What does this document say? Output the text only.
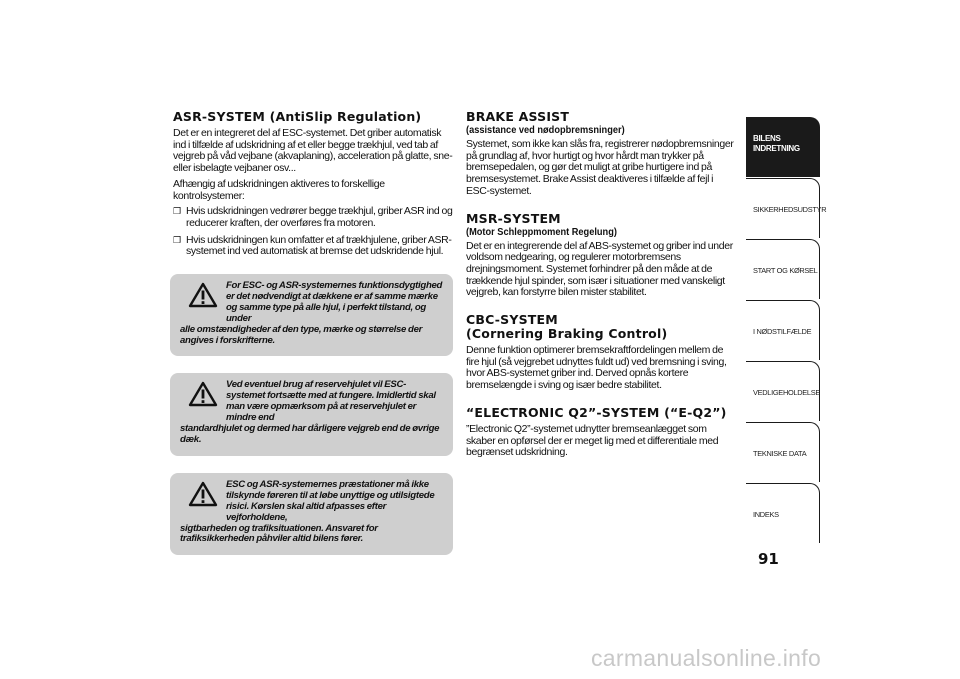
ASR-SYSTEM (AntiSlip Regulation)

Det er en integreret del af ESC-systemet. Det griber automatisk ind i tilfælde af udskridning af et eller begge trækhjul, ved tab af vejgreb på våd vejbane (akvaplaning), acceleration på glatte, sne- eller isbelagte vejbaner osv...

Afhængig af udskridningen aktiveres to forskellige kontrolsystemer:

❒ Hvis udskridningen vedrører begge trækhjul, griber ASR ind og reducerer kraften, der overføres fra motoren.
❒ Hvis udskridningen kun omfatter et af trækhjulene, griber ASR-systemet ind ved automatisk at bremse det udskridende hjul.

For ESC- og ASR-systemernes funktionsdygtighed er det nødvendigt at dækkene er af samme mærke og samme type på alle hjul, i perfekt tilstand, og under
alle omstændigheder af den type, mærke og størrelse der angives i forskrifterne.

Ved eventuel brug af reservehjulet vil ESC-systemet fortsætte med at fungere. Imidlertid skal man være opmærksom på at reservehjulet er mindre end
standardhjulet og dermed har dårligere vejgreb end de øvrige dæk.

ESC og ASR-systemernes præstationer må ikke tilskynde føreren til at løbe unyttige og utilsigtede risici. Kørslen skal altid afpasses efter vejforholdene,
sigtbarheden og trafiksituationen. Ansvaret for trafiksikkerheden påhviler altid bilens fører.

BRAKE ASSIST
(assistance ved nødopbremsninger)

Systemet, som ikke kan slås fra, registrerer nødopbremsninger på grundlag af, hvor hurtigt og hvor hårdt man trykker på bremsepedalen, og gør det muligt at gribe hurtigere ind på bremsesystemet. Brake Assist deaktiveres i tilfælde af fejl i ESC-systemet.

MSR-SYSTEM
(Motor Schleppmoment Regelung)

Det er en integrerende del af ABS-systemet og griber ind under voldsom nedgearing, og regulerer motorbremsens drejningsmoment. Systemet forhindrer på den måde at de trækkende hjul spinder, som især i situationer med vanskeligt vejgreb, kan forstyrre bilen mister stabilitet.

CBC-SYSTEM
(Cornering Braking Control)

Denne funktion optimerer bremsekraftfordelingen mellem de fire hjul (så vejgrebet udnyttes fuldt ud) ved bremsning i sving, hvor ABS-systemet griber ind. Derved opnås kortere bremselængde i sving og især bedre stabilitet.

“ELECTRONIC Q2”-SYSTEM (“E-Q2”)

”Electronic Q2”-systemet udnytter bremseanlægget som skaber en opførsel der er meget lig med et differentiale med begrænset udskridning.

BILENS INDRETNING
SIKKERHEDSUDSTYR
START OG KØRSEL
I NØDSTILFÆLDE
VEDLIGEHOLDELSE
TEKNISKE DATA
INDEKS
91
carmanualsonline.info
